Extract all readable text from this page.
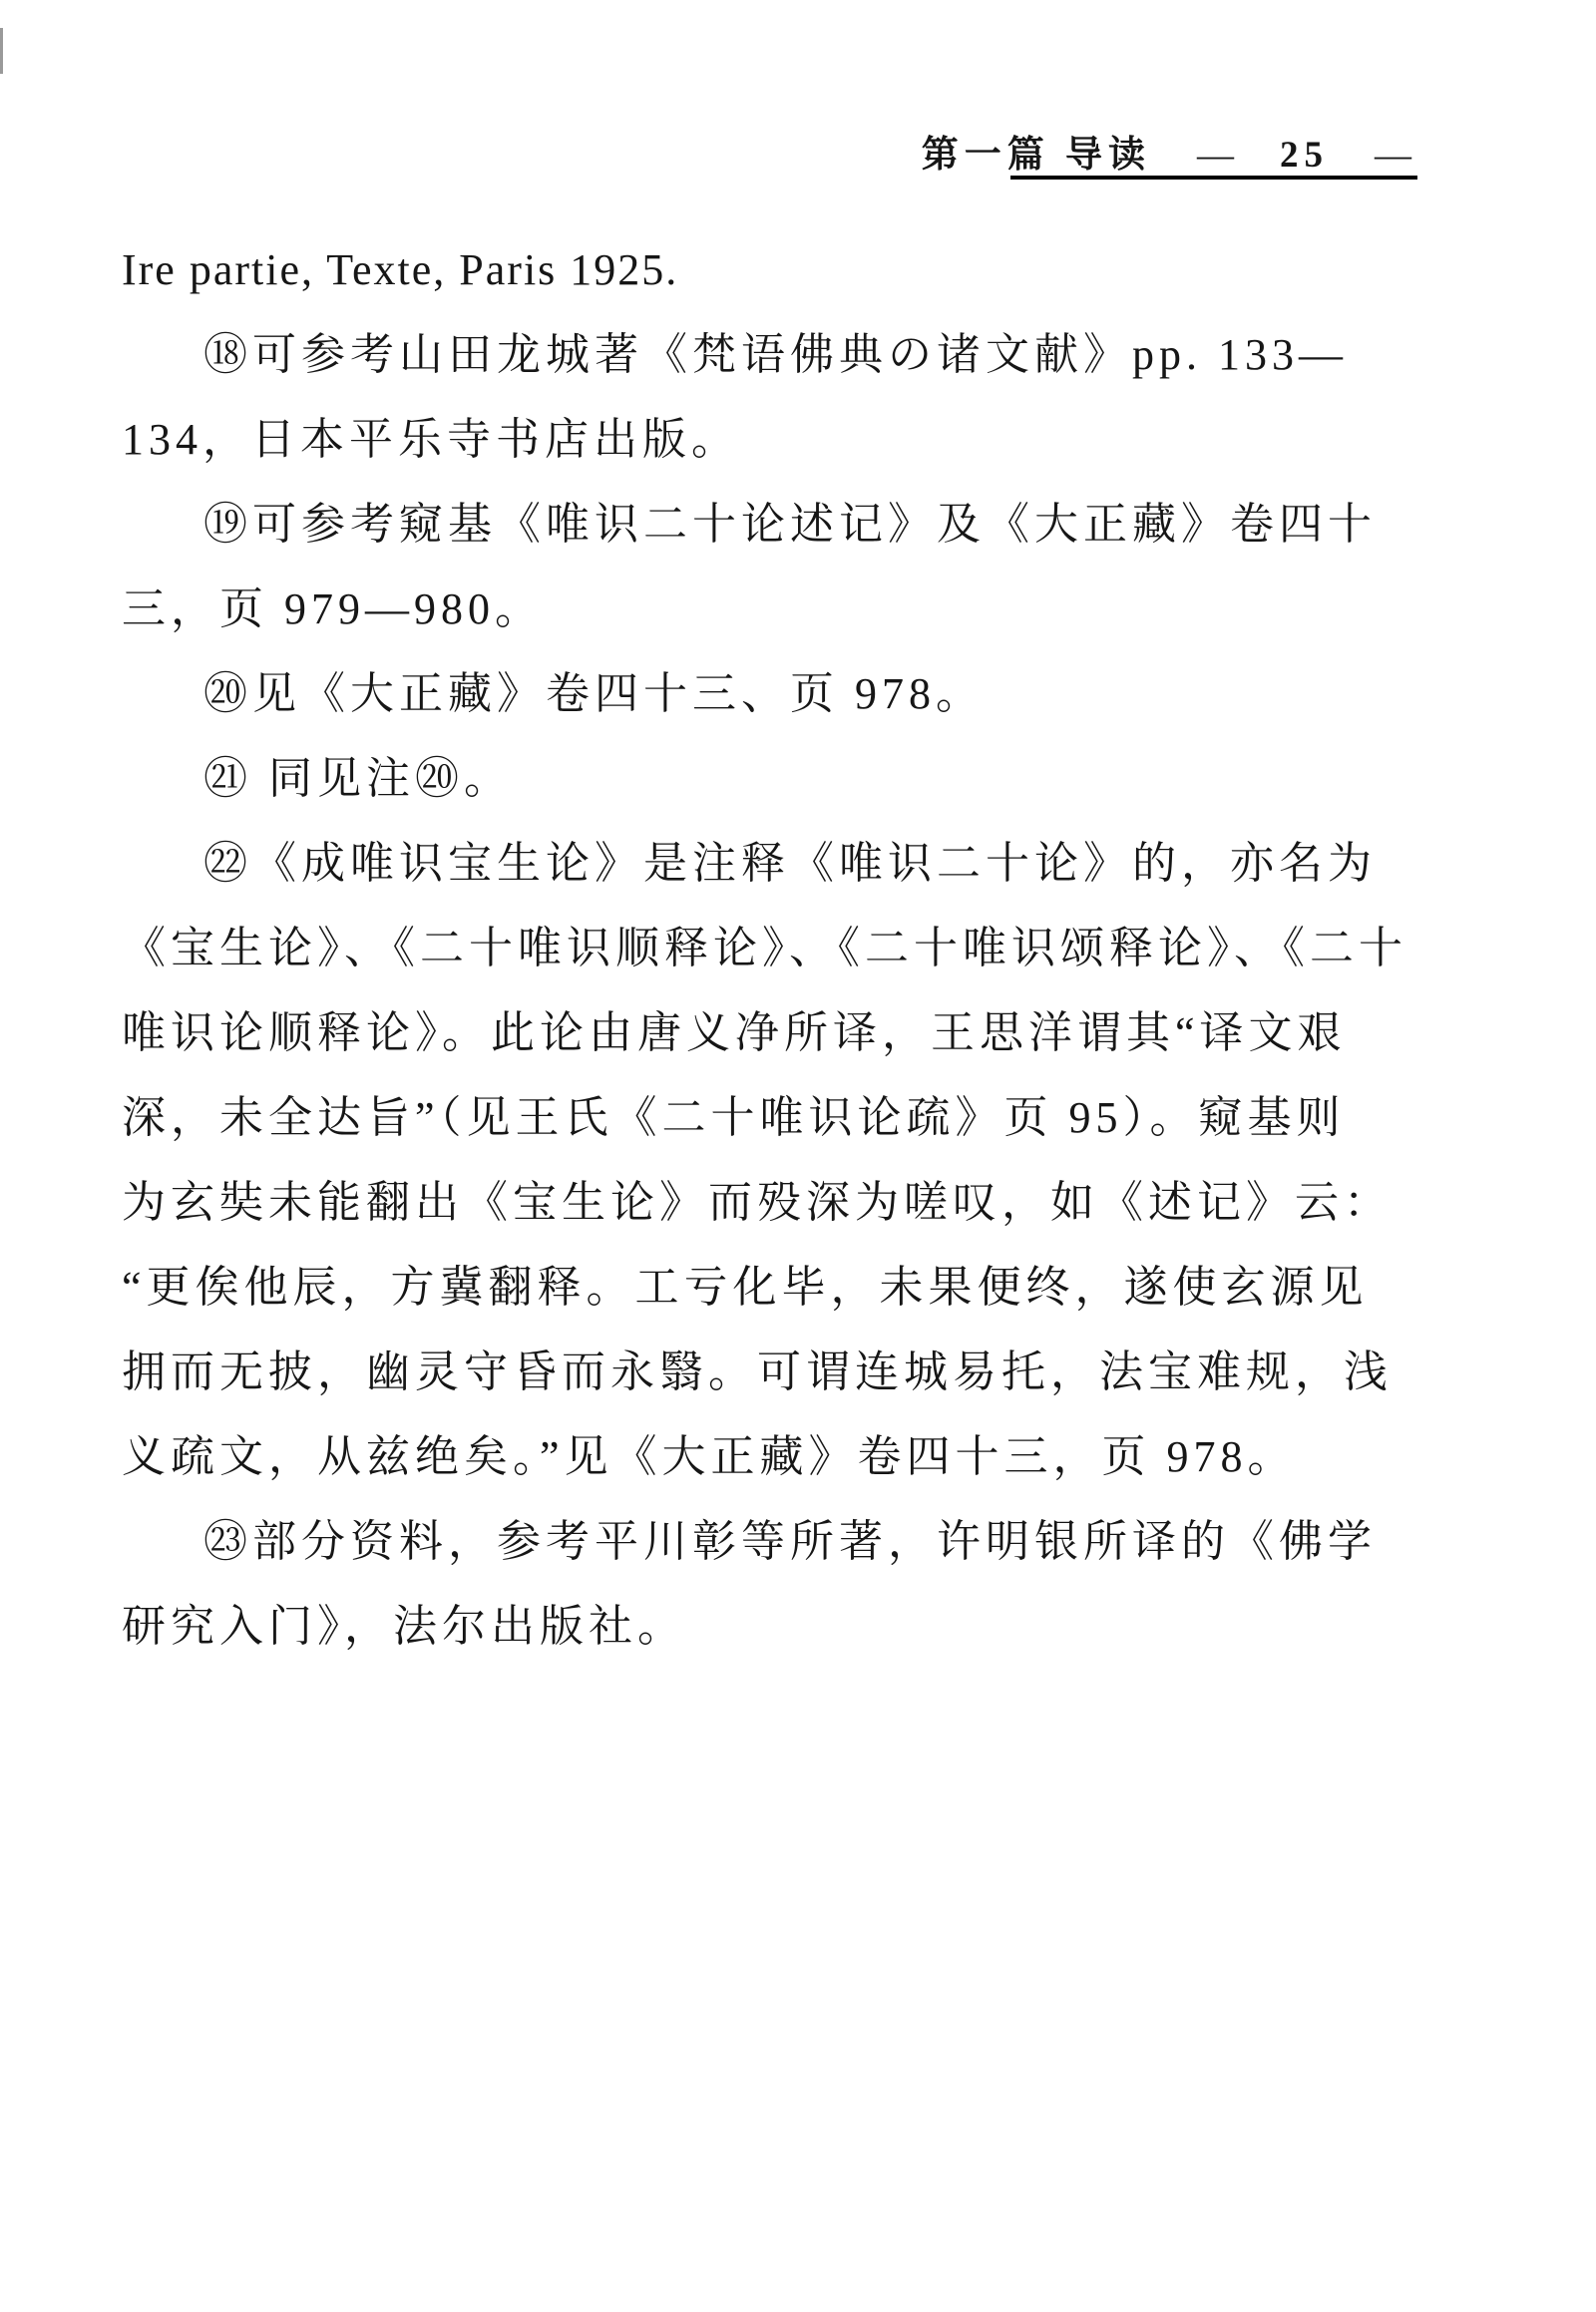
第一篇 导读 — 25 —
Ire partie, Texte, Paris 1925.
⑱可参考山田龙城著《梵语佛典の诸文献》pp. 133—
134，日本平乐寺书店出版。
⑲可参考窥基《唯识二十论述记》及《大正藏》卷四十
三，页 979—980。
⑳见《大正藏》卷四十三、页 978。
㉑ 同见注⑳。
㉒《成唯识宝生论》是注释《唯识二十论》的，亦名为
《宝生论》、《二十唯识顺释论》、《二十唯识颂释论》、《二十
唯识论顺释论》。此论由唐义净所译，王思洋谓其“译文艰
深，未全达旨”（见王氏《二十唯识论疏》页 95）。窥基则
为玄奘未能翻出《宝生论》而殁深为嗟叹，如《述记》云：
“更俟他辰，方冀翻释。工亏化毕，未果便终，遂使玄源见
拥而无披，幽灵守昏而永翳。可谓连城易托，法宝难规，浅
义疏文，从兹绝矣。”见《大正藏》卷四十三，页 978。
㉓部分资料，参考平川彰等所著，许明银所译的《佛学
研究入门》，法尔出版社。
